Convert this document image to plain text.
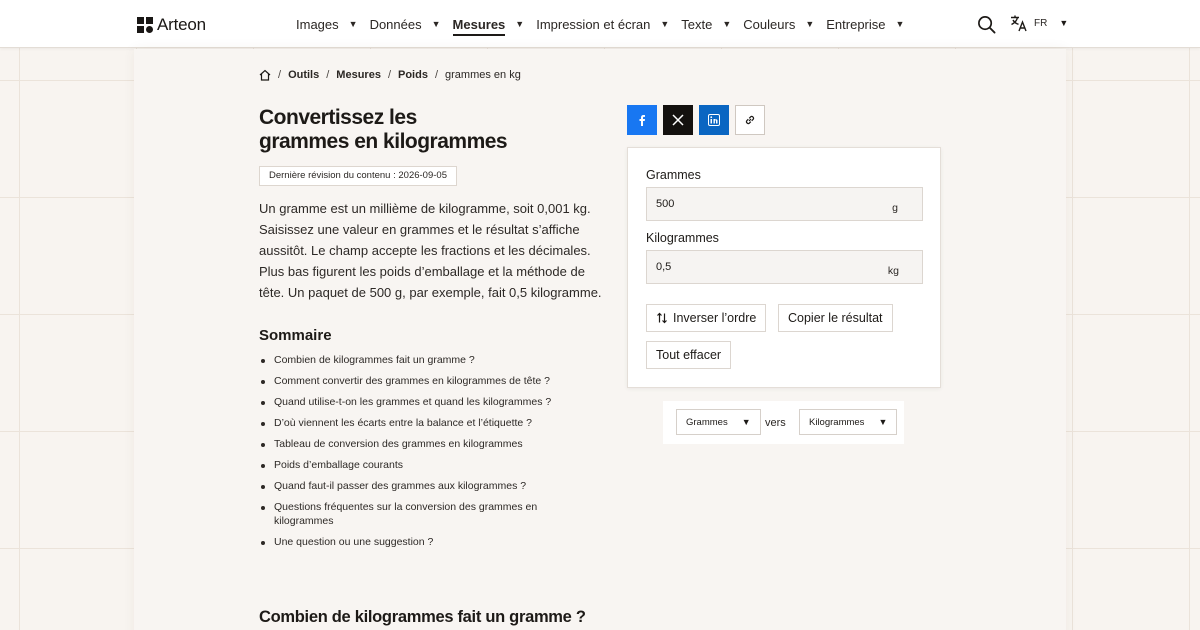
Arteon	Images ▼ Données ▼ Mesures ▼ Impression et écran ▼ Texte ▼ Couleurs ▼ Entreprise ▼	FR ▼
/ Outils / Mesures / Poids / grammes en kg
Convertissez les
grammes en kilogrammes
Dernière révision du contenu : 2026-09-05

Un gramme est un millième de kilogramme, soit 0,001 kg. Saisissez une valeur en grammes et le résultat s’affiche aussitôt. Le champ accepte les fractions et les décimales. Plus bas figurent les poids d’emballage et la méthode de tête. Un paquet de 500 g, par exemple, fait 0,5 kilogramme.

Sommaire
Combien de kilogrammes fait un gramme ?
Comment convertir des grammes en kilogrammes de tête ?
Quand utilise-t-on les grammes et quand les kilogrammes ?
D’où viennent les écarts entre la balance et l’étiquette ?
Tableau de conversion des grammes en kilogrammes
Poids d’emballage courants
Quand faut-il passer des grammes aux kilogrammes ?
Questions fréquentes sur la conversion des grammes en kilogrammes
Une question ou une suggestion ?
Combien de kilogrammes fait un gramme ?
Grammes
500
g
Kilogrammes
0,5
kg
Inverser l’ordre	Copier le résultat
Tout effacer
Grammes ▼ vers Kilogrammes ▼
